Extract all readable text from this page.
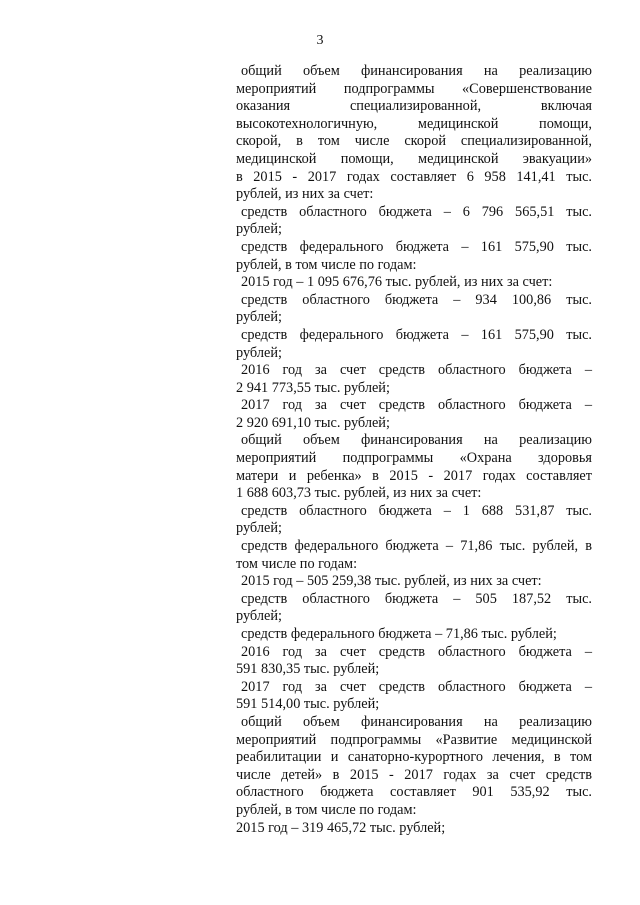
3
общий объем финансирования на реализацию
мероприятий подпрограммы «Совершенствование
оказания специализированной, включая
высокотехнологичную, медицинской помощи,
скорой, в том числе скорой специализированной,
медицинской помощи, медицинской эвакуации»
в 2015 - 2017 годах составляет 6 958 141,41 тыс.
рублей, из них за счет:
средств областного бюджета – 6 796 565,51 тыс.
рублей;
средств федерального бюджета – 161 575,90 тыс.
рублей, в том числе по годам:
2015 год – 1 095 676,76 тыс. рублей, из них за счет:
средств областного бюджета – 934 100,86 тыс.
рублей;
средств федерального бюджета – 161 575,90 тыс.
рублей;
2016 год за счет средств областного бюджета –
2 941 773,55 тыс. рублей;
2017 год за счет средств областного бюджета –
2 920 691,10 тыс. рублей;
общий объем финансирования на реализацию
мероприятий подпрограммы «Охрана здоровья
матери и ребенка» в 2015 - 2017 годах составляет
1 688 603,73 тыс. рублей, из них за счет:
средств областного бюджета – 1 688 531,87 тыс.
рублей;
средств федерального бюджета – 71,86 тыс. рублей, в
том числе по годам:
2015 год – 505 259,38 тыс. рублей, из них за счет:
средств областного бюджета – 505 187,52 тыс.
рублей;
средств федерального бюджета – 71,86 тыс. рублей;
2016 год за счет средств областного бюджета –
591 830,35 тыс. рублей;
2017 год за счет средств областного бюджета –
591 514,00 тыс. рублей;
общий объем финансирования на реализацию
мероприятий подпрограммы «Развитие медицинской
реабилитации и санаторно-курортного лечения, в том
числе детей» в 2015 - 2017 годах за счет средств
областного бюджета составляет 901 535,92 тыс.
рублей, в том числе по годам:
2015 год – 319 465,72 тыс. рублей;
